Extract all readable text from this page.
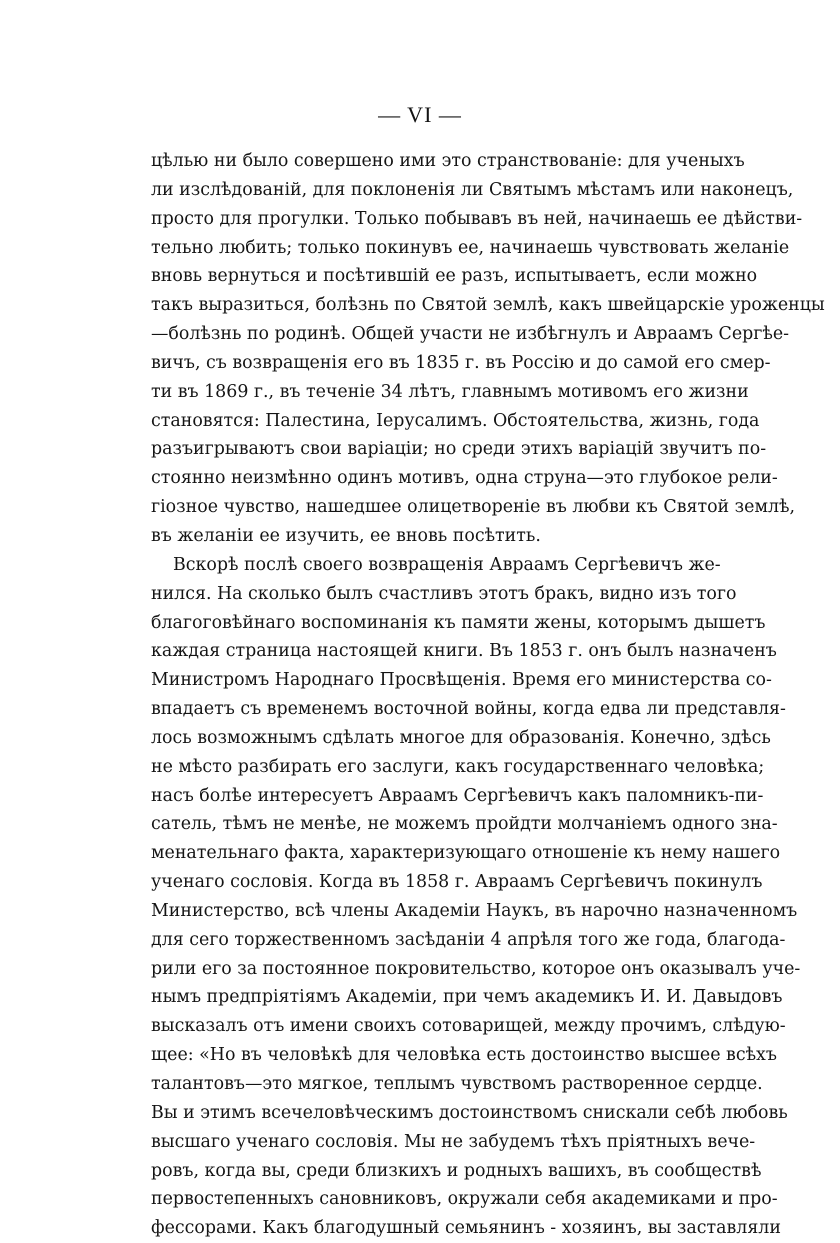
— VI —
цѣлью ни было совершено ими это странствованіе: для ученыхъ
ли изслѣдованій, для поклоненія ли Святымъ мѣстамъ или наконецъ,
просто для прогулки. Только побывавъ въ ней, начинаешь ее дѣйстви-
тельно любить; только покинувъ ее, начинаешь чувствовать желаніе
вновь вернуться и посѣтившій ее разъ, испытываетъ, если можно
такъ выразиться, болѣзнь по Святой землѣ, какъ швейцарскіе уроженцы
—болѣзнь по родинѣ. Общей участи не избѣгнулъ и Авраамъ Сергѣе-
вичъ, съ возвращенія его въ 1835 г. въ Россію и до самой его смер-
ти въ 1869 г., въ теченіе 34 лѣтъ, главнымъ мотивомъ его жизни
становятся: Палестина, Іерусалимъ. Обстоятельства, жизнь, года
разъигрываютъ свои варіаціи; но среди этихъ варіацій звучитъ по-
стоянно неизмѣнно одинъ мотивъ, одна струна—это глубокое рели-
гіозное чувство, нашедшее олицетвореніе въ любви къ Святой землѣ,
въ желаніи ее изучить, ее вновь посѣтить.
Вскорѣ послѣ своего возвращенія Авраамъ Сергѣевичъ же-
нился. На сколько былъ счастливъ этотъ бракъ, видно изъ того
благоговѣйнаго воспоминанія къ памяти жены, которымъ дышетъ
каждая страница настоящей книги. Въ 1853 г. онъ былъ назначенъ
Министромъ Народнаго Просвѣщенія. Время его министерства со-
впадаетъ съ временемъ восточной войны, когда едва ли представля-
лось возможнымъ сдѣлать многое для образованія. Конечно, здѣсь
не мѣсто разбирать его заслуги, какъ государственнаго человѣка;
насъ болѣе интересуетъ Авраамъ Сергѣевичъ какъ паломникъ-пи-
сатель, тѣмъ не менѣе, не можемъ пройдти молчаніемъ одного зна-
менательнаго факта, характеризующаго отношеніе къ нему нашего
ученаго сословія. Когда въ 1858 г. Авраамъ Сергѣевичъ покинулъ
Министерство, всѣ члены Академіи Наукъ, въ нарочно назначенномъ
для сего торжественномъ засѣданіи 4 апрѣля того же года, благода-
рили его за постоянное покровительство, которое онъ оказывалъ уче-
нымъ предпріятіямъ Академіи, при чемъ академикъ И. И. Давыдовъ
высказалъ отъ имени своихъ сотоварищей, между прочимъ, слѣдую-
щее: «Но въ человѣкѣ для человѣка есть достоинство высшее всѣхъ
талантовъ—это мягкое, теплымъ чувствомъ растворенное сердце.
Вы и этимъ всечеловѣческимъ достоинствомъ снискали себѣ любовь
высшаго ученаго сословія. Мы не забудемъ тѣхъ пріятныхъ вече-
ровъ, когда вы, среди близкихъ и родныхъ вашихъ, въ сообществѣ
первостепенныхъ сановниковъ, окружали себя академиками и про-
фессорами. Какъ благодушный семьянинъ - хозяинъ, вы заставляли
